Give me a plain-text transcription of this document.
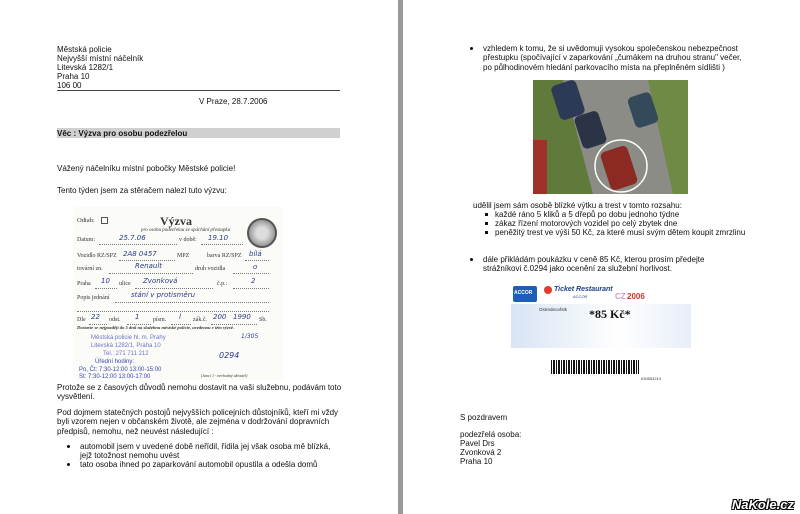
Městská policie
Nejvyšší místní náčelník
Litevská 1282/1
Praha 10
106 00
V Praze, 28.7.2006
Věc : Výzva pro osobu podezřelou
Vážený náčelníku místní pobočky Městské policie!
Tento týden jsem za stěračem nalezl tuto výzvu:
Odtah:	Výzva
pro osobu podezřelou ze spáchání přestupku
Datum:	25.7.06	v době: 19.10
Vozidlo RZ/SPZ 2A8 0457	MPZ	barva RZ/SPZ bílá
tovární zn.	Renault	druh vozidla	o
Praha 10 ulice Zvonková	č.p.:	2
Popis jednání	stání v protisměru
Dle 22 odst. 1 písm. l zák.č. 200 1990 Sb.
Dostavte se nejpozději do 5 dnů na služebnu městské policie, uvedenou v této výzvě.
Městská policie hl. m. Prahy
Litevská 1282/1, Praha 10
Tel.: 271 711 212
Úřední hodiny:
Po, Čt: 7:30-12:00 13:00-15:00
St: 7:30-12:00 13:00-17:00
1/305
0294
(Janci 1 - nevhodný uživatel)
Protože se z časových důvodů nemohu dostavit na vaši služebnu, podávám toto vysvětlení.
Pod dojmem statečných postojů nejvyšších policejních důstojníků, kteří mi vždy byli vzorem nejen v občanském životě, ale zejména v dodržování dopravních předpisů, nemohu, než neuvést následující :
automobil jsem v uvedené době neřídil, řídila jej však osoba mě blízká, jejž totožnost nemohu uvést
tato osoba ihned po zaparkování automobil opustila a odešla domů
vzhledem k tomu, že si uvědomuji vysokou společenskou nebezpečnost přestupku (spočívající v zaparkování „čumákem na druhou stranu" večer, po půlhodinovém hledání parkovacího místa na přeplněném sídlišti )
udělil jsem sám osobě blízké výtku a trest v tomto rozsahu:
každé ráno 5 kliků a 5 dřepů po dobu jednoho týdne
zákaz řízení motorových vozidel po celý zbytek dne
peněžitý trest ve výši 50 Kč, za které musí svým dětem koupit zmrzlinu
dále přikládám poukázku v ceně 85 Kč, kterou prosím předejte strážníkovi č.0294 jako ocenění za služební horlivost.
ACCOR	Ticket Restaurant
ACCOR	CZ 2006
Ostredecařstk *85 Kč*
030653213
S pozdravem
podezřelá osoba:
Pavel Drs
Zvonková 2
Praha 10
NaKole.cz
